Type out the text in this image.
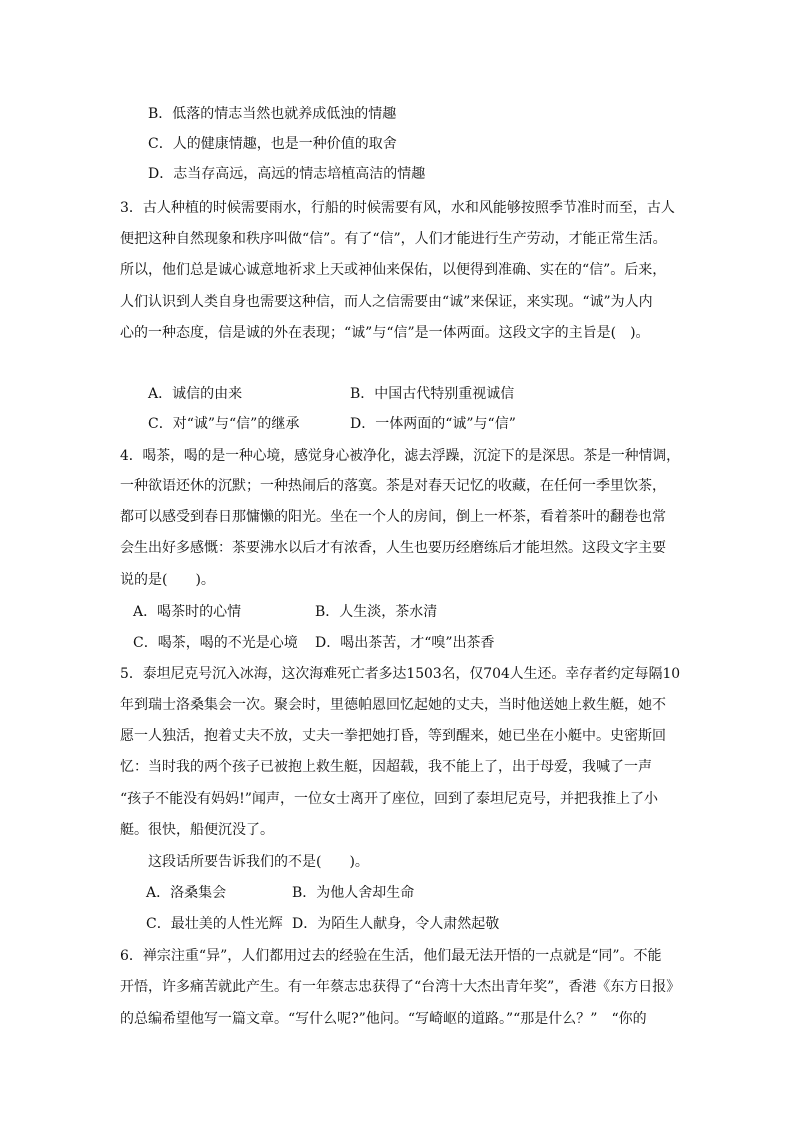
B．低落的情志当然也就养成低浊的情趣
C．人的健康情趣，也是一种价值的取舍
D．志当存高远，高远的情志培植高洁的情趣
3．古人种植的时候需要雨水，行船的时候需要有风，水和风能够按照季节准时而至，古人
便把这种自然现象和秩序叫做“信”。有了“信”，人们才能进行生产劳动，才能正常生活。
所以，他们总是诚心诚意地祈求上天或神仙来保佑，以便得到准确、实在的“信”。后来，
人们认识到人类自身也需要这种信，而人之信需要由“诚”来保证，来实现。“诚”为人内
心的一种态度，信是诚的外在表现；“诚”与“信”是一体两面。这段文字的主旨是(　)。
A．诚信的由来	B．中国古代特别重视诚信
C．对“诚”与“信”的继承	D．一体两面的“诚”与“信”
4．喝茶，喝的是一种心境，感觉身心被净化，滤去浮躁，沉淀下的是深思。茶是一种情调，
一种欲语还休的沉默；一种热闹后的落寞。茶是对春天记忆的收藏，在任何一季里饮茶，
都可以感受到春日那慵懒的阳光。坐在一个人的房间，倒上一杯茶，看着茶叶的翻卷也常
会生出好多感慨：茶要沸水以后才有浓香，人生也要历经磨练后才能坦然。这段文字主要
说的是(　　)。
A．喝茶时的心情	B．人生淡，茶水清
C．喝茶，喝的不光是心境 D．喝出茶苦，才“嗅”出茶香
5．泰坦尼克号沉入冰海，这次海难死亡者多达1503名，仅704人生还。幸存者约定每隔10
年到瑞士洛桑集会一次。聚会时，里德帕恩回忆起她的丈夫，当时他送她上救生艇，她不
愿一人独活，抱着丈夫不放，丈夫一拳把她打昏，等到醒来，她已坐在小艇中。史密斯回
忆：当时我的两个孩子已被抱上救生艇，因超载，我不能上了，出于母爱，我喊了一声
“孩子不能没有妈妈!”闻声，一位女士离开了座位，回到了泰坦尼克号，并把我推上了小
艇。很快，船便沉没了。
这段话所要告诉我们的不是(　　)。
A．洛桑集会	B．为他人舍却生命
C．最壮美的人性光辉 D．为陌生人献身，令人肃然起敬
6．禅宗注重“异”，人们都用过去的经验在生活，他们最无法开悟的一点就是“同”。不能
开悟，许多痛苦就此产生。有一年蔡志忠获得了“台湾十大杰出青年奖”，香港《东方日报》
的总编希望他写一篇文章。“写什么呢?”他问。“写崎岖的道路。”“那是什么？”　“你的
